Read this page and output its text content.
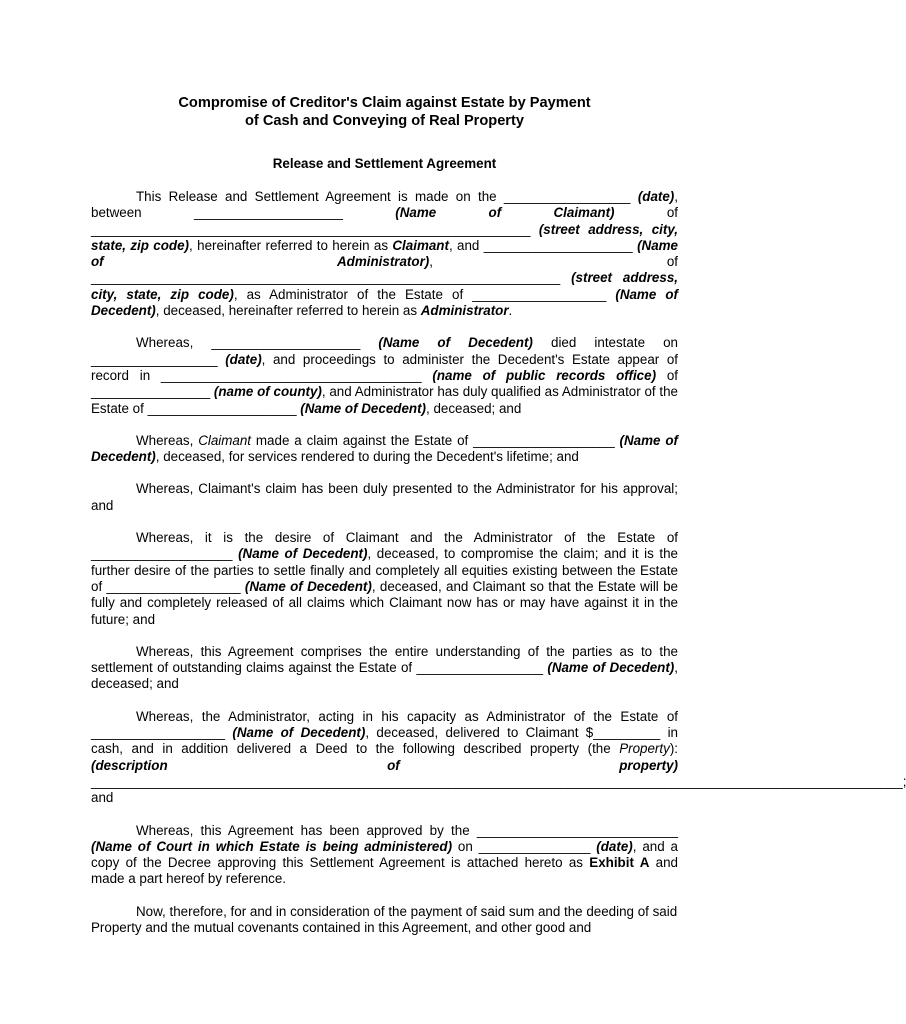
Compromise of Creditor's Claim against Estate by Payment
of Cash and Conveying of Real Property

Release and Settlement Agreement

This Release and Settlement Agreement is made on the _________________ (date), between ____________________ (Name of Claimant) of ___________________________________________________________ (street address, city, state, zip code), hereinafter referred to herein as Claimant, and ____________________ (Name of Administrator), of _______________________________________________________________ (street address, city, state, zip code), as Administrator of the Estate of __________________ (Name of Decedent), deceased, hereinafter referred to herein as Administrator.

Whereas, ____________________ (Name of Decedent) died intestate on _________________ (date), and proceedings to administer the Decedent's Estate appear of record in ___________________________________ (name of public records office) of ________________ (name of county), and Administrator has duly qualified as Administrator of the Estate of ____________________ (Name of Decedent), deceased; and

Whereas, Claimant made a claim against the Estate of ___________________ (Name of Decedent), deceased, for services rendered to during the Decedent's lifetime; and

Whereas, Claimant's claim has been duly presented to the Administrator for his approval; and

Whereas, it is the desire of Claimant and the Administrator of the Estate of ___________________ (Name of Decedent), deceased, to compromise the claim; and it is the further desire of the parties to settle finally and completely all equities existing between the Estate of __________________ (Name of Decedent), deceased, and Claimant so that the Estate will be fully and completely released of all claims which Claimant now has or may have against it in the future; and

Whereas, this Agreement comprises the entire understanding of the parties as to the settlement of outstanding claims against the Estate of _________________ (Name of Decedent), deceased; and

Whereas, the Administrator, acting in his capacity as Administrator of the Estate of __________________ (Name of Decedent), deceased, delivered to Claimant $_________ in cash, and in addition delivered a Deed to the following described property (the Property): (description of property) _____________________________________________________________________________________________________________; and

Whereas, this Agreement has been approved by the ___________________________ (Name of Court in which Estate is being administered) on _______________ (date), and a copy of the Decree approving this Settlement Agreement is attached hereto as Exhibit A and made a part hereof by reference.

Now, therefore, for and in consideration of the payment of said sum and the deeding of said Property and the mutual covenants contained in this Agreement, and other good and
